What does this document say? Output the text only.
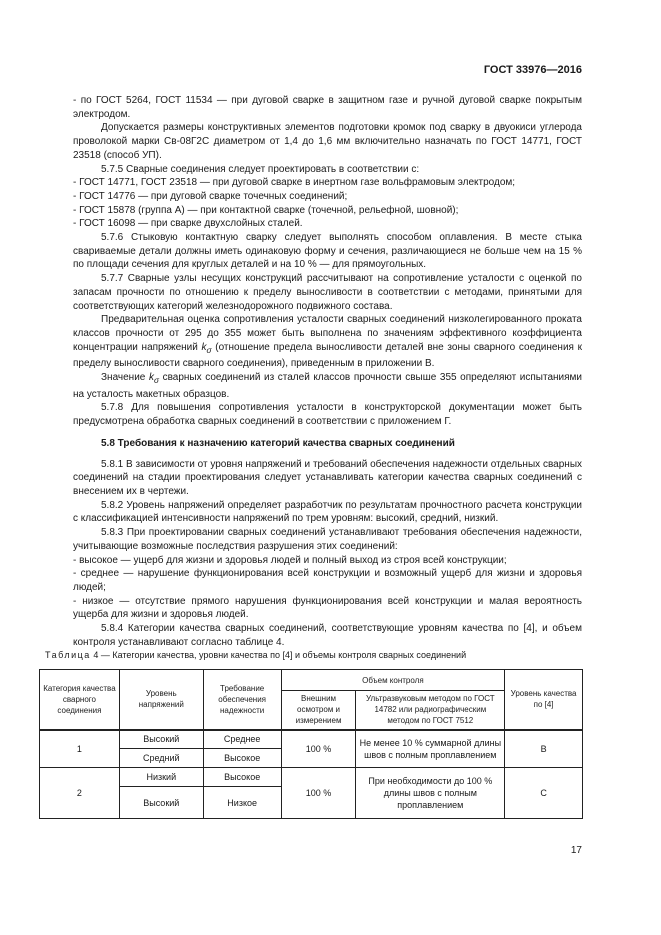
ГОСТ 33976—2016

- по ГОСТ 5264, ГОСТ 11534 — при дуговой сварке в защитном газе и ручной дуговой сварке покрытым электродом.

Допускается размеры конструктивных элементов подготовки кромок под сварку в двуокиси углерода проволокой марки Св-08Г2С диаметром от 1,4 до 1,6 мм включительно назначать по ГОСТ 14771, ГОСТ 23518 (способ УП).

5.7.5 Сварные соединения следует проектировать в соответствии с:

- ГОСТ 14771, ГОСТ 23518 — при дуговой сварке в инертном газе вольфрамовым электродом;

- ГОСТ 14776 — при дуговой сварке точечных соединений;

- ГОСТ 15878 (группа А) — при контактной сварке (точечной, рельефной, шовной);

- ГОСТ 16098 — при сварке двухслойных сталей.

5.7.6 Стыковую контактную сварку следует выполнять способом оплавления. В месте стыка свариваемые детали должны иметь одинаковую форму и сечения, различающиеся не больше чем на 15 % по площади сечения для круглых деталей и на 10 % — для прямоугольных.

5.7.7 Сварные узлы несущих конструкций рассчитывают на сопротивление усталости с оценкой по запасам прочности по отношению к пределу выносливости в соответствии с методами, принятыми для соответствующих категорий железнодорожного подвижного состава.

Предварительная оценка сопротивления усталости сварных соединений низколегированного проката классов прочности от 295 до 355 может быть выполнена по значениям эффективного коэффициента концентрации напряжений $k_\sigma$ (отношение предела выносливости деталей вне зоны сварного соединения к пределу выносливости сварного соединения), приведенным в приложении В.

Значение $k_\sigma$ сварных соединений из сталей классов прочности свыше 355 определяют испытаниями на усталость макетных образцов.

5.7.8 Для повышения сопротивления усталости в конструкторской документации может быть предусмотрена обработка сварных соединений в соответствии с приложением Г.

5.8 Требования к назначению категорий качества сварных соединений

5.8.1 В зависимости от уровня напряжений и требований обеспечения надежности отдельных сварных соединений на стадии проектирования следует устанавливать категории качества сварных соединений с внесением их в чертежи.

5.8.2 Уровень напряжений определяет разработчик по результатам прочностного расчета конструкции с классификацией интенсивности напряжений по трем уровням: высокий, средний, низкий.

5.8.3 При проектировании сварных соединений устанавливают требования обеспечения надежности, учитывающие возможные последствия разрушения этих соединений:

- высокое — ущерб для жизни и здоровья людей и полный выход из строя всей конструкции;

- среднее — нарушение функционирования всей конструкции и возможный ущерб для жизни и здоровья людей;

- низкое — отсутствие прямого нарушения функционирования всей конструкции и малая вероятность ущерба для жизни и здоровья людей.

5.8.4 Категории качества сварных соединений, соответствующие уровням качества по [4], и объем контроля устанавливают согласно таблице 4.

Таблица 4 — Категории качества, уровни качества по [4] и объемы контроля сварных соединений
Категория качества сварного соединения	Уровень напряжений	Требование обеспечения надежности	Объем контроля		Уровень качества по [4]
			Внешним осмотром и измерением	Ультразвуковым методом по ГОСТ 14782 или радиографическим методом по ГОСТ 7512	
1	Высокий	Среднее	100 %	Не менее 10 % суммарной длины швов с полным проплавлением	B
	Средний	Высокое			
2	Низкий	Высокое	100 %	При необходимости до 100 % длины швов с полным проплавлением	C
	Высокий	Низкое			
17
